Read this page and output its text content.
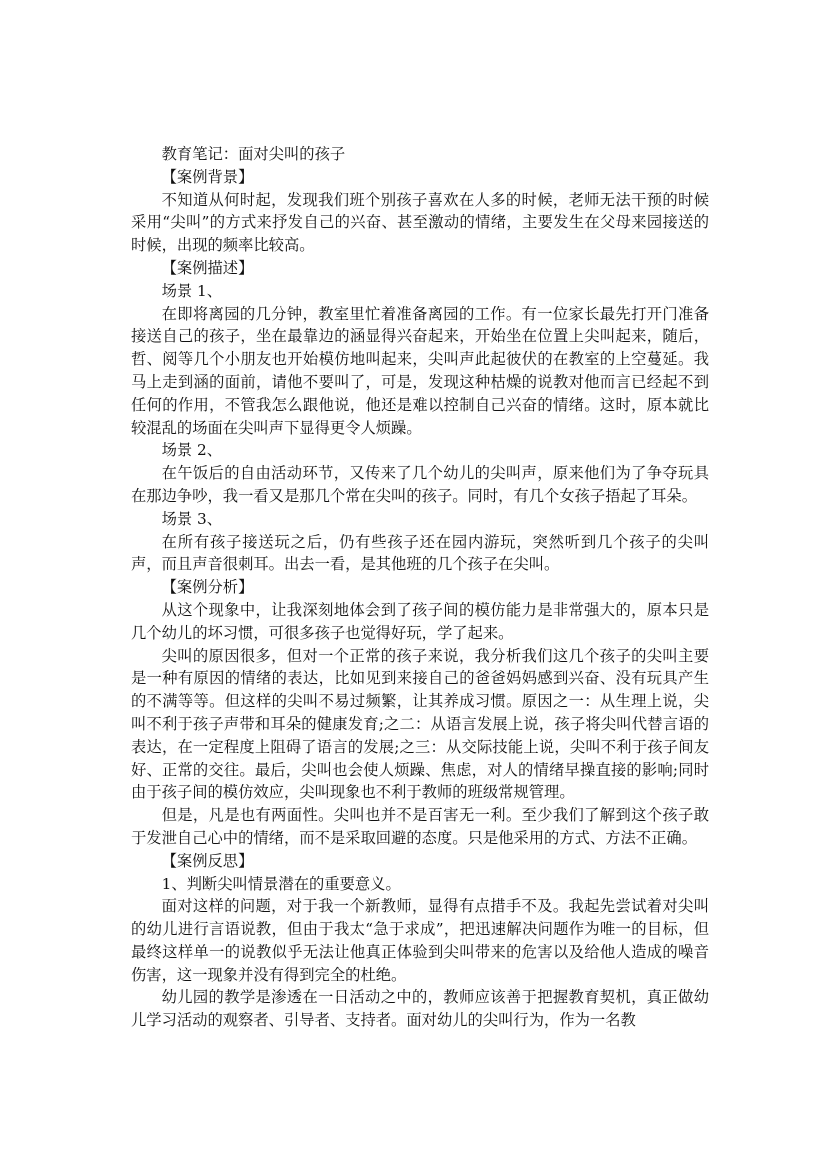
教育笔记：面对尖叫的孩子

【案例背景】

不知道从何时起，发现我们班个别孩子喜欢在人多的时候，老师无法干预的时候采用“尖叫”的方式来抒发自己的兴奋、甚至激动的情绪，主要发生在父母来园接送的时候，出现的频率比较高。

【案例描述】

场景 1、

在即将离园的几分钟，教室里忙着准备离园的工作。有一位家长最先打开门准备接送自己的孩子，坐在最靠边的涵显得兴奋起来，开始坐在位置上尖叫起来，随后，哲、阅等几个小朋友也开始模仿地叫起来，尖叫声此起彼伏的在教室的上空蔓延。我马上走到涵的面前，请他不要叫了，可是，发现这种枯燥的说教对他而言已经起不到任何的作用，不管我怎么跟他说，他还是难以控制自己兴奋的情绪。这时，原本就比较混乱的场面在尖叫声下显得更令人烦躁。

场景 2、

在午饭后的自由活动环节，又传来了几个幼儿的尖叫声，原来他们为了争夺玩具在那边争吵，我一看又是那几个常在尖叫的孩子。同时，有几个女孩子捂起了耳朵。

场景 3、

在所有孩子接送玩之后，仍有些孩子还在园内游玩，突然听到几个孩子的尖叫声，而且声音很刺耳。出去一看，是其他班的几个孩子在尖叫。

【案例分析】

从这个现象中，让我深刻地体会到了孩子间的模仿能力是非常强大的，原本只是几个幼儿的坏习惯，可很多孩子也觉得好玩，学了起来。

尖叫的原因很多，但对一个正常的孩子来说，我分析我们这几个孩子的尖叫主要是一种有原因的情绪的表达，比如见到来接自己的爸爸妈妈感到兴奋、没有玩具产生的不满等等。但这样的尖叫不易过频繁，让其养成习惯。原因之一：从生理上说，尖叫不利于孩子声带和耳朵的健康发育;之二：从语言发展上说，孩子将尖叫代替言语的表达，在一定程度上阻碍了语言的发展;之三：从交际技能上说，尖叫不利于孩子间友好、正常的交往。最后，尖叫也会使人烦躁、焦虑，对人的情绪早操直接的影响;同时由于孩子间的模仿效应，尖叫现象也不利于教师的班级常规管理。

但是，凡是也有两面性。尖叫也并不是百害无一利。至少我们了解到这个孩子敢于发泄自己心中的情绪，而不是采取回避的态度。只是他采用的方式、方法不正确。

【案例反思】

1、判断尖叫情景潜在的重要意义。

面对这样的问题，对于我一个新教师，显得有点措手不及。我起先尝试着对尖叫的幼儿进行言语说教，但由于我太“急于求成”，把迅速解决问题作为唯一的目标，但最终这样单一的说教似乎无法让他真正体验到尖叫带来的危害以及给他人造成的噪音伤害，这一现象并没有得到完全的杜绝。

幼儿园的教学是渗透在一日活动之中的，教师应该善于把握教育契机，真正做幼儿学习活动的观察者、引导者、支持者。面对幼儿的尖叫行为，作为一名教
